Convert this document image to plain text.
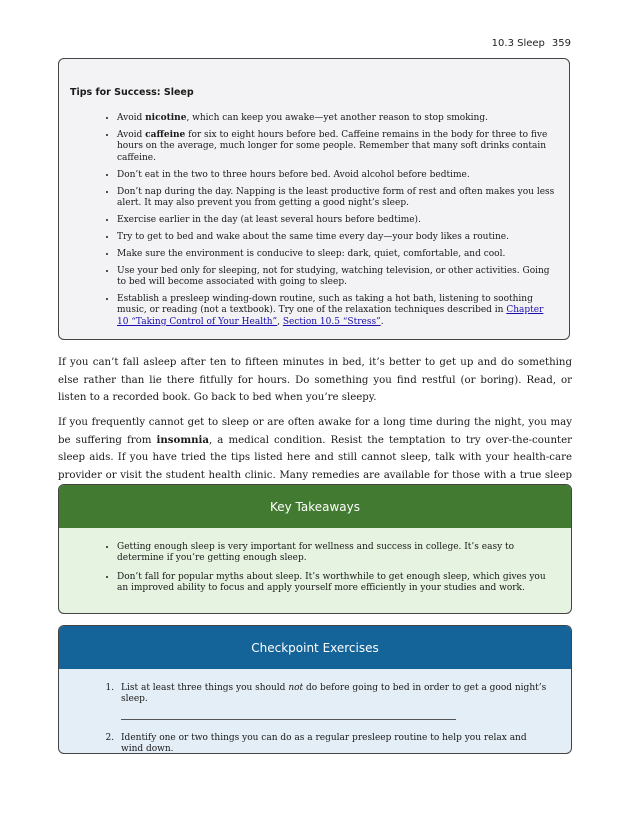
10.3 Sleep 359
Tips for Success: Sleep
• Avoid nicotine, which can keep you awake—yet another reason to stop smoking.
• Avoid caffeine for six to eight hours before bed. Caffeine remains in the body for three to five hours on the average, much longer for some people. Remember that many soft drinks contain caffeine.
• Don’t eat in the two to three hours before bed. Avoid alcohol before bedtime.
• Don’t nap during the day. Napping is the least productive form of rest and often makes you less alert. It may also prevent you from getting a good night’s sleep.
• Exercise earlier in the day (at least several hours before bedtime).
• Try to get to bed and wake about the same time every day—your body likes a routine.
• Make sure the environment is conducive to sleep: dark, quiet, comfortable, and cool.
• Use your bed only for sleeping, not for studying, watching television, or other activities. Going to bed will become associated with going to sleep.
• Establish a presleep winding-down routine, such as taking a hot bath, listening to soothing music, or reading (not a textbook). Try one of the relaxation techniques described in Chapter 10 “Taking Control of Your Health”, Section 10.5 “Stress”.

If you can’t fall asleep after ten to fifteen minutes in bed, it’s better to get up and do something else rather than lie there fitfully for hours. Do something you find restful (or boring). Read, or listen to a recorded book. Go back to bed when you’re sleepy.

If you frequently cannot get to sleep or are often awake for a long time during the night, you may be suffering from insomnia, a medical condition. Resist the temptation to try over-the-counter sleep aids. If you have tried the tips listed here and still cannot sleep, talk with your health-care provider or visit the student health clinic. Many remedies are available for those with a true sleep

Key Takeaways
• Getting enough sleep is very important for wellness and success in college. It’s easy to determine if you’re getting enough sleep.
• Don’t fall for popular myths about sleep. It’s worthwhile to get enough sleep, which gives you an improved ability to focus and apply yourself more efficiently in your studies and work.
Checkpoint Exercises
1. List at least three things you should not do before going to bed in order to get a good night’s sleep.
2. Identify one or two things you can do as a regular presleep routine to help you relax and wind down.
